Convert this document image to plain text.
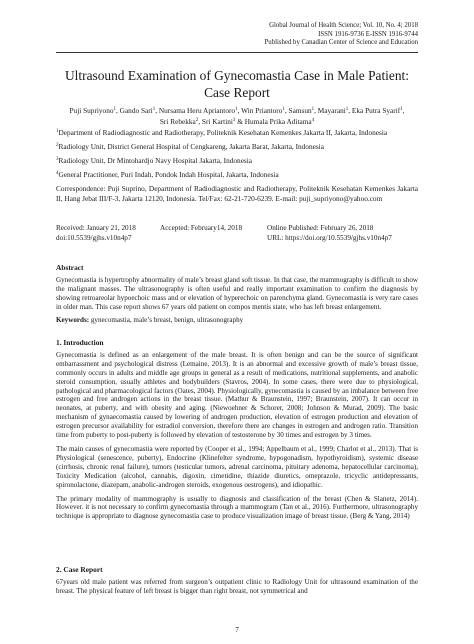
Global Journal of Health Science; Vol. 10, No. 4; 2018
ISSN 1916-9736 E-ISSN 1916-9744
Published by Canadian Center of Science and Education
Ultrasound Examination of Gynecomastia Case in Male Patient: Case Report
Puji Supriyono$^1$, Gando Sari$^1$, Nursama Heru Apriantoro$^1$, Win Priantoro$^1$, Samsun$^1$, Mayarani$^1$, Eka Putra Syarif$^1$,
Sri Rebekka$^2$, Sri Kartini$^3$ & Humala Prika Aditama$^4$
$^1$Department of Radiodiagnostic and Radiotherapy, Politeknik Kesehatan Kemenkes Jakarta II, Jakarta, Indonesia
$^2$Radiology Unit, District General Hospital of Cengkareng, Jakarta Barat, Jakarta, Indonesia
$^3$Radiology Unit, Dr Mintohardjo Navy Hospital Jakarta, Indonesia
$^4$General Practitioner, Puri Indah, Pondok Indah Hospital, Jakarta, Indonesia
Correspondence: Puji Suprino, Department of Radiodiagnostic and Radiotherapy, Politeknik Kesehatan Kemenkes Jakarta II, Hang Jebat III/F-3, Jakarta 12120, Indonesia. Tel/Fax: 62-21-720-6239. E-mail: puji_supriyono@yahoo.com
Received: January 21, 2018	Accepted: February14, 2018	Online Published: February 26, 2018
doi:10.5539/gjhs.v10n4p7	URL: https://doi.org/10.5539/gjhs.v10n4p7
Abstract

Gynecomastia is hypertrophy abnormality of male’s breast gland soft tissue. In that case, the mammography is difficult to show the malignant masses. The ultrasonography is often useful and really important examination to confirm the diagnosis by showing retroareolar hypoechoic mass and or elevation of hyperechoic on parenchyma gland. Gynecomastia is very rare cases in older man. This case report shows 67 years old patient on compos mentis state, who has left breast enlargement.

Keywords: gynecomastia, male’s breast, benign, ultrasonography

1. Introduction

Gynecomastia is defined as an enlargement of the male breast. It is often benign and can be the source of significant embarrassment and psychological distress (Lemaine, 2013). It is an abnormal and excessive growth of male’s breast tissue, commonly occurs in adults and middle age groups in general as a result of medications, nutritional supplements, and anabolic steroid consumption, usually athletes and bodybuilders (Stavros, 2004). In some cases, there were due to physiological, pathological and pharmacological factors (Oates, 2004). Physiologically, gynecomastia is caused by an imbalance between free estrogen and free androgen actions in the breast tissue. (Mathur & Braunstein, 1997; Braunstein, 2007). It can occur in neonates, at puberty, and with obesity and aging. (Niewoehner & Schorer, 2008; Johnson & Murad, 2009). The basic mechanism of gynaecomastia caused by lowering of androgen production, elevation of estrogen production and elevation of estrogen precursor availability for estradiol conversion, therefore there are changes in estrogen and androgen ratio. Transition time from puberty to post-puberty is followed by elevation of testosterone by 30 times and estrogen by 3 times.

The main causes of gynecomastia were reported by (Cooper et al., 1994; Appelbaum et al., 1999; Charlot et al., 2013). That is Physiological (senescence, puberty), Endocrine (Klinefelter syndrome, hypogonadism, hypothyroidism), systemic disease (cirrhosis, chronic renal failure), tumors (testicular tumors, adrenal carcinoma, pituitary adenoma, hepatocellular carcinoma), Toxicity Medication (alcohol, cannabis, digoxin, cimetidine, thiazide diuretics, omeprazole, tricyclic antidepressants, spironolactone, diazepam, anabolic-androgen steroids, exogenous oestrogens), and idiopathic.

The primary modality of mammography is usually to diagnosis and classification of the breast (Chen & Slanetz, 2014). However. it is not necessary to confirm gynecomastia through a mammogram (Tan et al., 2016). Furthermore, ultrasonography technique is appropriate to diagnose gynecomastia case to produce visualization image of breast tissue. (Berg & Yang, 2014)

2. Case Report

67years old male patient was referred from surgeon’s outpatient clinic to Radiology Unit for ultrasound examination of the breast. The physical feature of left breast is bigger than right breast, not symmetrical and

7
